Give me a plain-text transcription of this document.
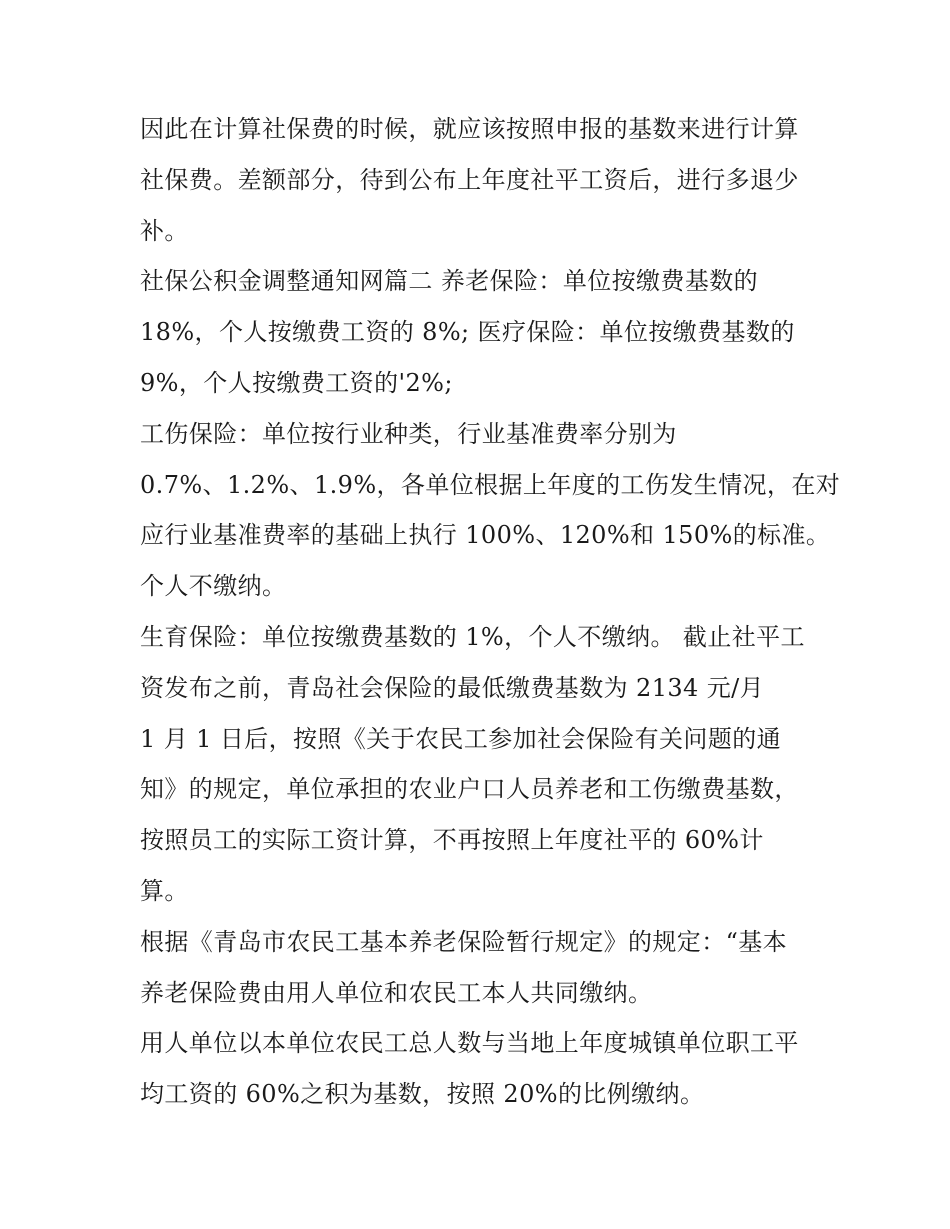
因此在计算社保费的时候，就应该按照申报的基数来进行计算
社保费。差额部分，待到公布上年度社平工资后，进行多退少
补。
社保公积金调整通知网篇二 养老保险：单位按缴费基数的
18%，个人按缴费工资的 8%; 医疗保险：单位按缴费基数的
9%，个人按缴费工资的'2%;
工伤保险：单位按行业种类，行业基准费率分别为
0.7%、1.2%、1.9%，各单位根据上年度的工伤发生情况，在对
应行业基准费率的基础上执行 100%、120%和 150%的标准。
个人不缴纳。
生育保险：单位按缴费基数的 1%，个人不缴纳。 截止社平工
资发布之前，青岛社会保险的最低缴费基数为 2134 元/月
1 月 1 日后，按照《关于农民工参加社会保险有关问题的通
知》的规定，单位承担的农业户口人员养老和工伤缴费基数，
按照员工的实际工资计算，不再按照上年度社平的 60%计
算。
根据《青岛市农民工基本养老保险暂行规定》的规定：“基本
养老保险费由用人单位和农民工本人共同缴纳。
用人单位以本单位农民工总人数与当地上年度城镇单位职工平
均工资的 60%之积为基数，按照 20%的比例缴纳。
